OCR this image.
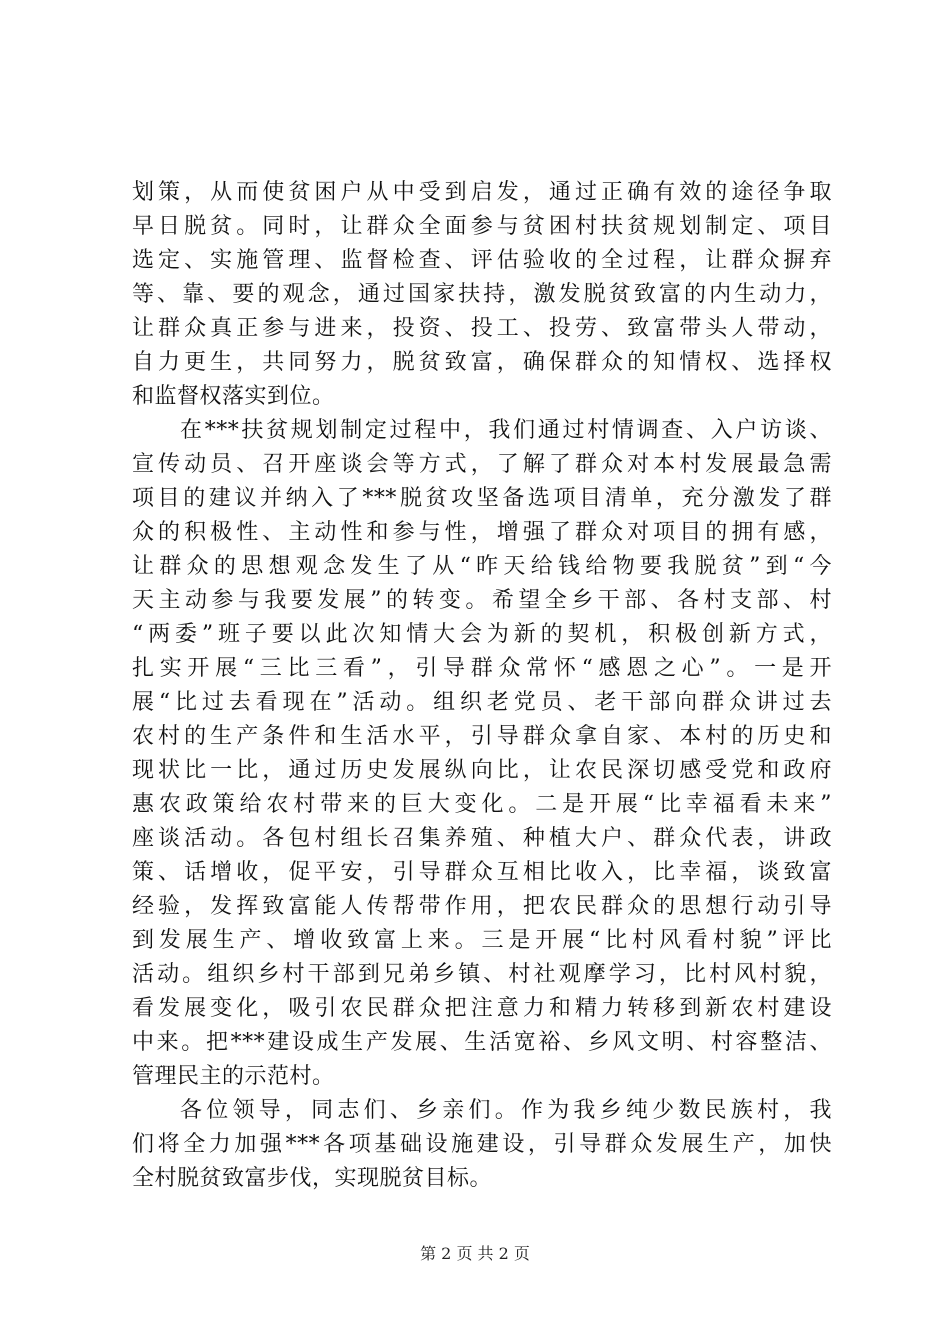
划策，从而使贫困户从中受到启发，通过正确有效的途径争取
早日脱贫。同时，让群众全面参与贫困村扶贫规划制定、项目
选定、实施管理、监督检查、评估验收的全过程，让群众摒弃
等、靠、要的观念，通过国家扶持，激发脱贫致富的内生动力，
让群众真正参与进来，投资、投工、投劳、致富带头人带动，
自力更生，共同努力，脱贫致富，确保群众的知情权、选择权
和监督权落实到位。
在***扶贫规划制定过程中，我们通过村情调查、入户访谈、
宣传动员、召开座谈会等方式，了解了群众对本村发展最急需
项目的建议并纳入了***脱贫攻坚备选项目清单，充分激发了群
众的积极性、主动性和参与性，增强了群众对项目的拥有感，
让群众的思想观念发生了从“昨天给钱给物要我脱贫”到“今
天主动参与我要发展”的转变。希望全乡干部、各村支部、村
“两委”班子要以此次知情大会为新的契机，积极创新方式，
扎实开展“三比三看”，引导群众常怀“感恩之心”。一是开
展“比过去看现在”活动。组织老党员、老干部向群众讲过去
农村的生产条件和生活水平，引导群众拿自家、本村的历史和
现状比一比，通过历史发展纵向比，让农民深切感受党和政府
惠农政策给农村带来的巨大变化。二是开展“比幸福看未来”
座谈活动。各包村组长召集养殖、种植大户、群众代表，讲政
策、话增收，促平安，引导群众互相比收入，比幸福，谈致富
经验，发挥致富能人传帮带作用，把农民群众的思想行动引导
到发展生产、增收致富上来。三是开展“比村风看村貌”评比
活动。组织乡村干部到兄弟乡镇、村社观摩学习，比村风村貌，
看发展变化，吸引农民群众把注意力和精力转移到新农村建设
中来。把***建设成生产发展、生活宽裕、乡风文明、村容整洁、
管理民主的示范村。
各位领导，同志们、乡亲们。作为我乡纯少数民族村，我
们将全力加强***各项基础设施建设，引导群众发展生产，加快
全村脱贫致富步伐，实现脱贫目标。
第 2 页 共 2 页
